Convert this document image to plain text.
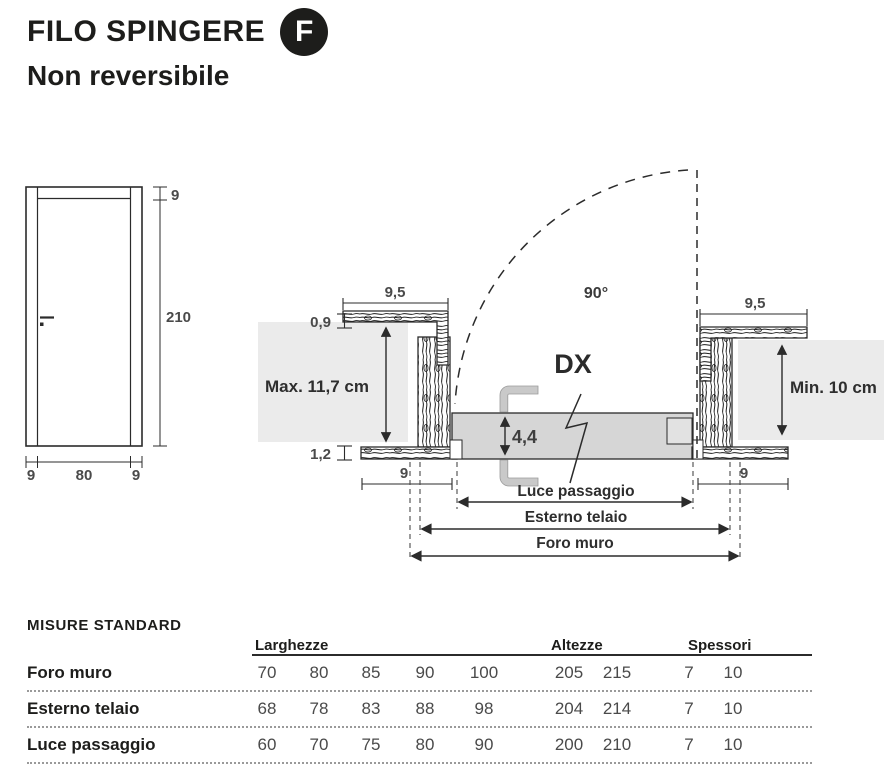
FILO SPINGERE F
Non reversibile
9
210
9	80	9
90°
DX
9,5
0,9
Max. 11,7 cm
1,2
9
4,4
9,5
Min. 10 cm
9
Luce passaggio
Esterno telaio
Foro muro
MISURE STANDARD
Larghezze	Altezze	Spessori
Foro muro	70	80	85	90	100	205	215	7	10
Esterno telaio	68	78	83	88	98	204	214	7	10
Luce passaggio	60	70	75	80	90	200	210	7	10
